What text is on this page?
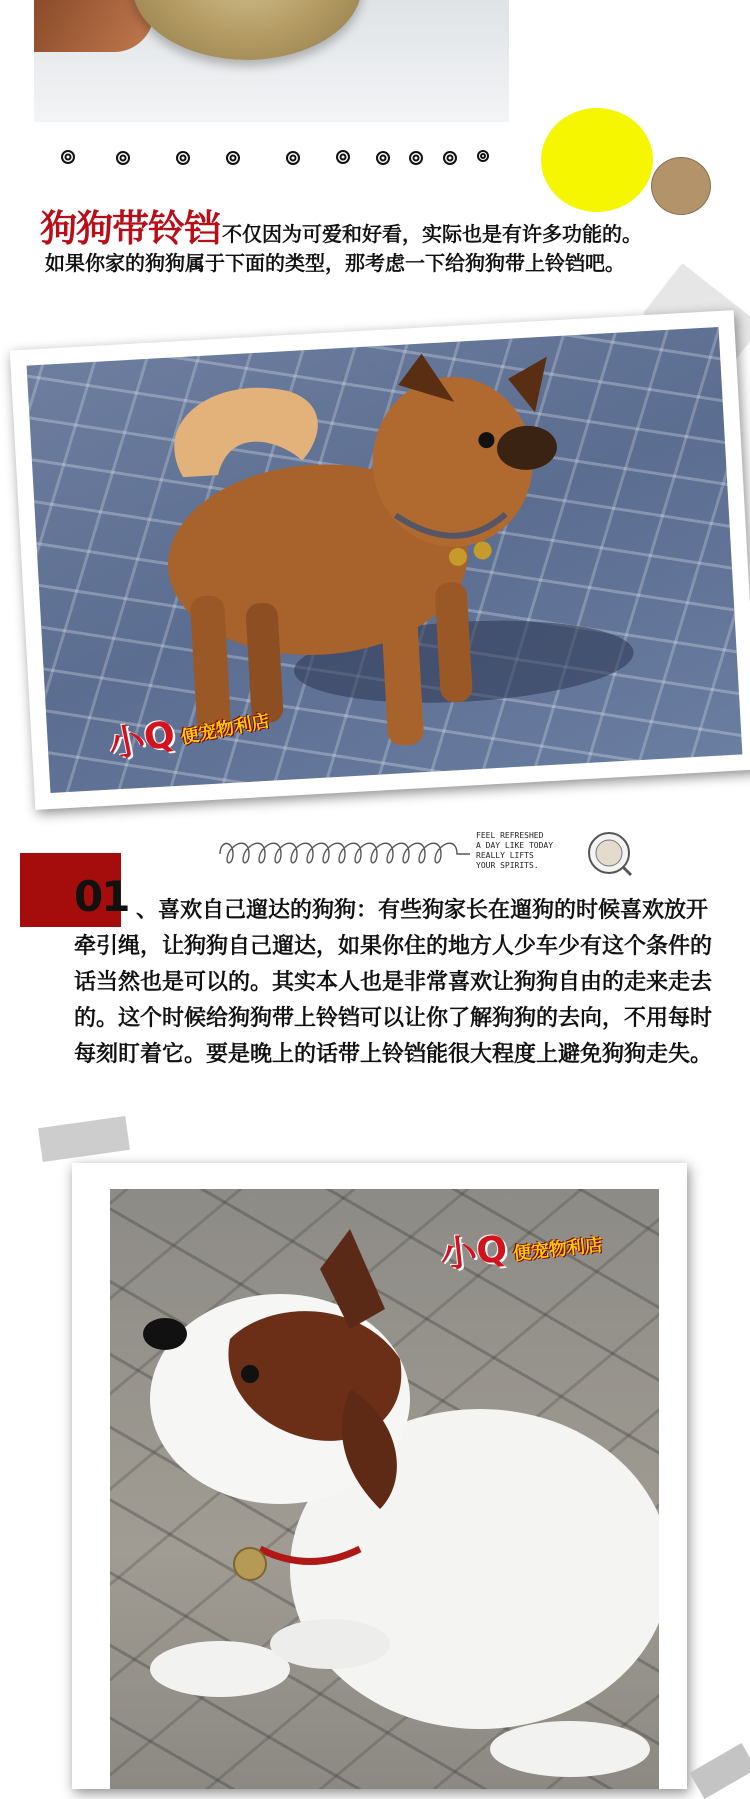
狗狗带铃铛 不仅因为可爱和好看，实际也是有许多功能的。
如果你家的狗狗属于下面的类型，那考虑一下给狗狗带上铃铛吧。
小Q 便宠物利店
FEEL REFRESHED
A DAY LIKE TODAY
REALLY LIFTS
YOUR SPIRITS.
01 、喜欢自己遛达的狗狗：有些狗家长在遛狗的时候喜欢放开牵引绳，让狗狗自己遛达，如果你住的地方人少车少有这个条件的话当然也是可以的。其实本人也是非常喜欢让狗狗自由的走来走去的。这个时候给狗狗带上铃铛可以让你了解狗狗的去向，不用每时每刻盯着它。要是晚上的话带上铃铛能很大程度上避免狗狗走失。
小Q 便宠物利店
